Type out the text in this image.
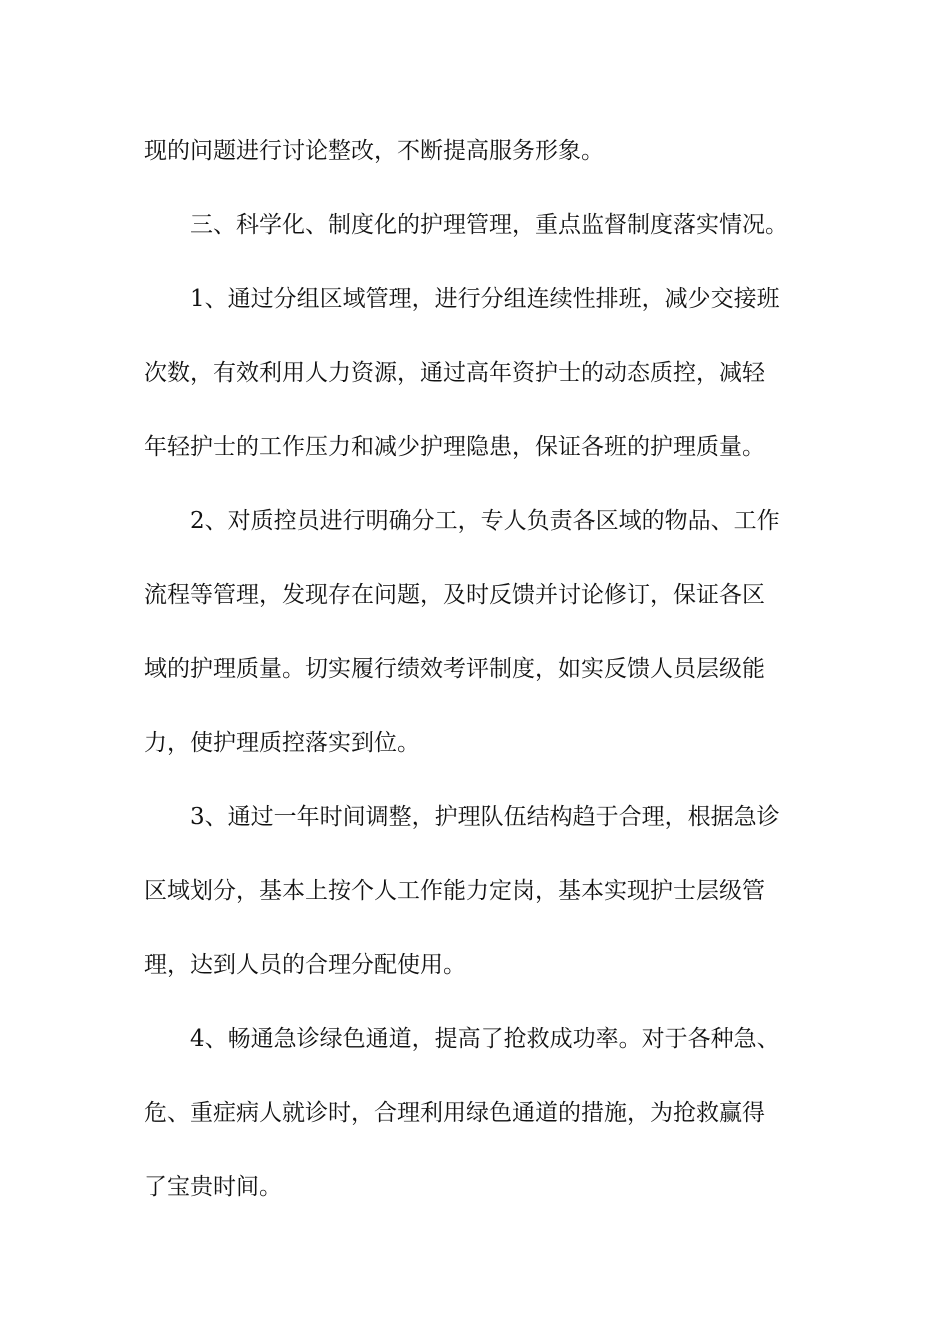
现的问题进行讨论整改，不断提高服务形象。
三、科学化、制度化的护理管理，重点监督制度落实情况。
1、通过分组区域管理，进行分组连续性排班，减少交接班
次数，有效利用人力资源，通过高年资护士的动态质控，减轻
年轻护士的工作压力和减少护理隐患，保证各班的护理质量。
2、对质控员进行明确分工，专人负责各区域的物品、工作
流程等管理，发现存在问题，及时反馈并讨论修订，保证各区
域的护理质量。切实履行绩效考评制度，如实反馈人员层级能
力，使护理质控落实到位。
3、通过一年时间调整，护理队伍结构趋于合理，根据急诊
区域划分，基本上按个人工作能力定岗，基本实现护士层级管
理，达到人员的合理分配使用。
4、畅通急诊绿色通道，提高了抢救成功率。对于各种急、
危、重症病人就诊时，合理利用绿色通道的措施，为抢救赢得
了宝贵时间。
